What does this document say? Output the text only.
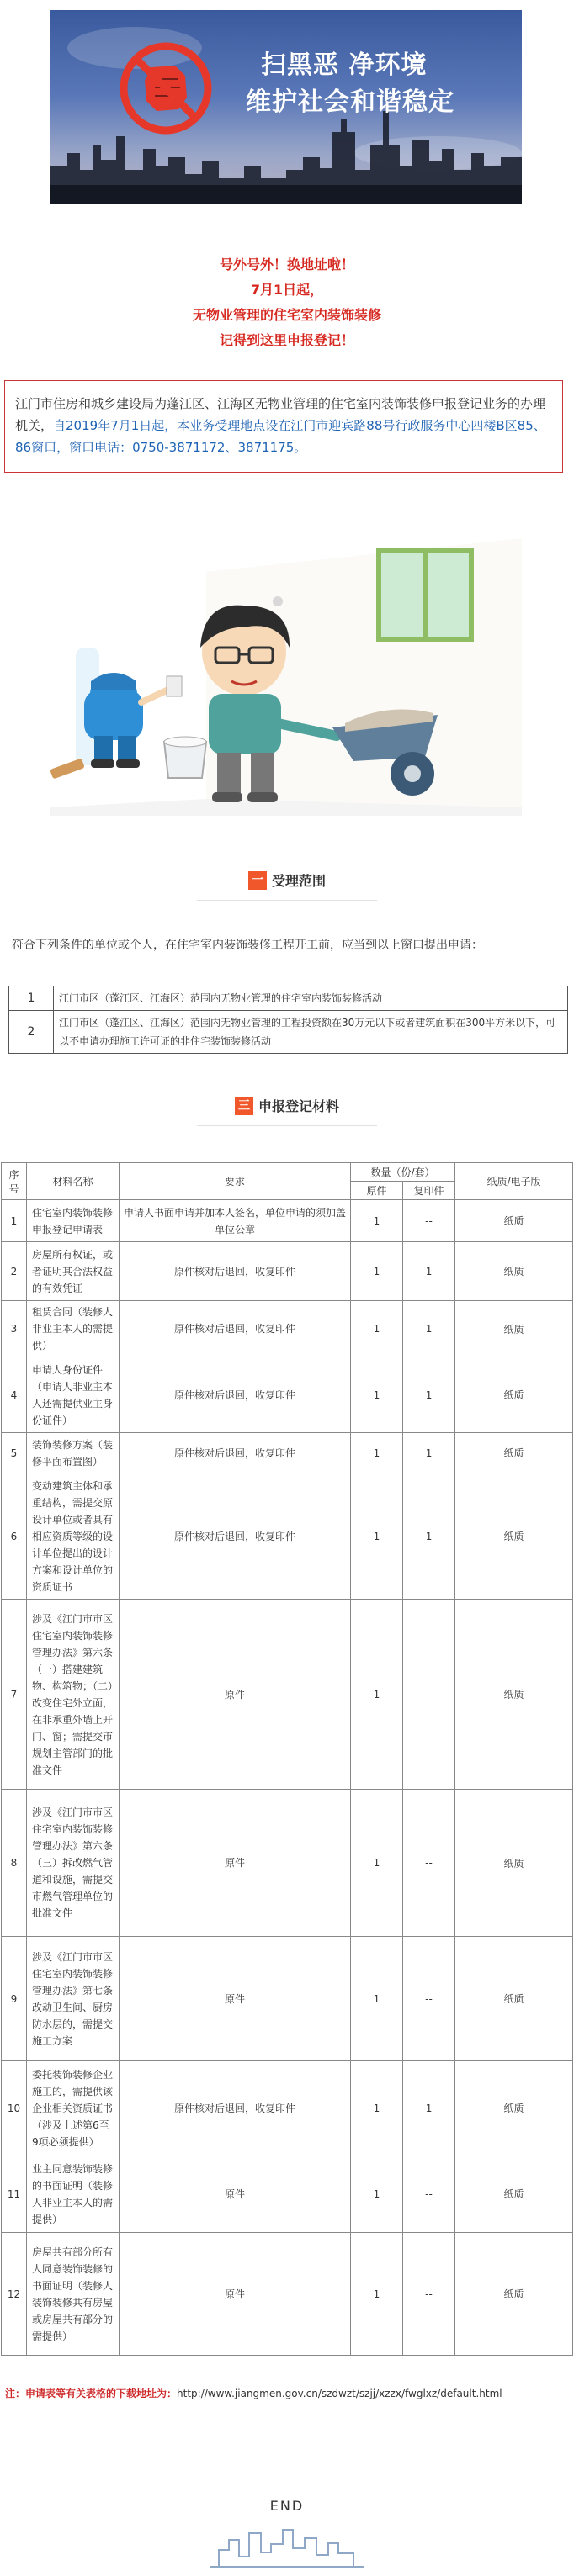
扫黑恶 净环境
维护社会和谐稳定
号外号外！换地址啦！
7月1日起，
无物业管理的住宅室内装饰装修
记得到这里申报登记！

江门市住房和城乡建设局为蓬江区、江海区无物业管理的住宅室内装饰装修申报登记业务的办理机关，自2019年7月1日起，本业务受理地点设在江门市迎宾路88号行政服务中心四楼B区85、86窗口，窗口电话：0750-3871172、3871175。

一 受理范围
符合下列条件的单位或个人，在住宅室内装饰装修工程开工前，应当到以上窗口提出申请：
1	江门市区（蓬江区、江海区）范围内无物业管理的住宅室内装饰装修活动
2	江门市区（蓬江区、江海区）范围内无物业管理的工程投资额在30万元以下或者建筑面积在300平方米以下，可以不申请办理施工许可证的非住宅装饰装修活动
三 申报登记材料
序号	材料名称	要求	数量（份/套）		纸质/电子版
			原件	复印件	
1	住宅室内装饰装修申报登记申请表	申请人书面申请并加本人签名，单位申请的须加盖单位公章	1	--	纸质
2	房屋所有权证，或者证明其合法权益的有效凭证	原件核对后退回，收复印件	1	1	纸质
3	租赁合同（装修人非业主本人的需提供）	原件核对后退回，收复印件	1	1	纸质
4	申请人身份证件（申请人非业主本人还需提供业主身份证件）	原件核对后退回，收复印件	1	1	纸质
5	装饰装修方案（装修平面布置图）	原件核对后退回，收复印件	1	1	纸质
6	变动建筑主体和承重结构，需提交原设计单位或者具有相应资质等级的设计单位提出的设计方案和设计单位的资质证书	原件核对后退回，收复印件	1	1	纸质
7	涉及《江门市市区住宅室内装饰装修管理办法》第六条（一）搭建建筑物、构筑物；（二）改变住宅外立面，在非承重外墙上开门、窗；需提交市规划主管部门的批准文件	原件	1	--	纸质
8	涉及《江门市市区住宅室内装饰装修管理办法》第六条（三）拆改燃气管道和设施，需提交市燃气管理单位的批准文件	原件	1	--	纸质
9	涉及《江门市市区住宅室内装饰装修管理办法》第七条改动卫生间、厨房防水层的，需提交施工方案	原件	1	--	纸质
10	委托装饰装修企业施工的，需提供该企业相关资质证书（涉及上述第6至9项必须提供）	原件核对后退回，收复印件	1	1	纸质
11	业主同意装饰装修的书面证明（装修人非业主本人的需提供）	原件	1	--	纸质
12	房屋共有部分所有人同意装饰装修的书面证明（装修人装饰装修共有房屋或房屋共有部分的需提供）	原件	1	--	纸质
注：申请表等有关表格的下载地址为：http://www.jiangmen.gov.cn/szdwzt/szjj/xzzx/fwglxz/default.html
END
